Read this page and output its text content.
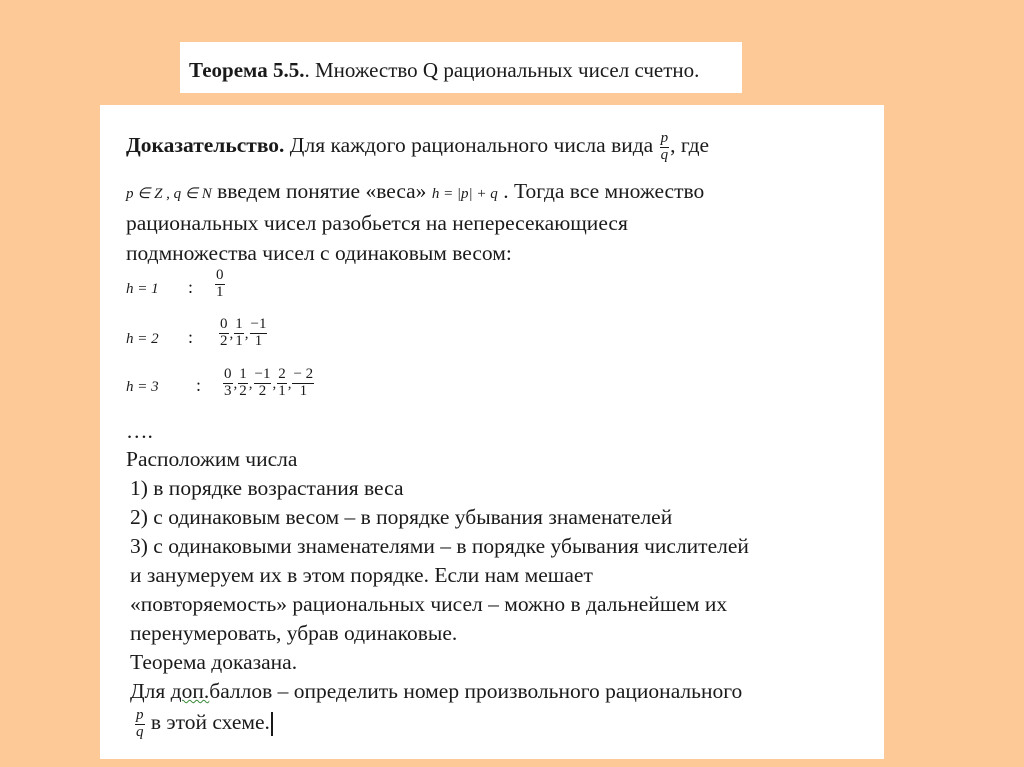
Теорема 5.5.. Множество Q рациональных чисел счетно.
Доказательство. Для каждого рационального числа вида $\frac{p}{q}$ , где
p ∈ Z , q ∈ N введем понятие «веса» h = |p| + q . Тогда все множество
рациональных чисел разобьется на непересекающиеся
подмножества чисел с одинаковым весом:
h = 1 : $\frac{0}{1}$
h = 2 : $\frac{0}{2}$ , $\frac{1}{1}$ , $\frac{-1}{1}$
h = 3 : $\frac{0}{3}$ , $\frac{1}{2}$ , $\frac{-1}{2}$ , $\frac{2}{1}$ , $\frac{- 2}{1}$
….
Расположим числа
1) в порядке возрастания веса
2) с одинаковым весом – в порядке убывания знаменателей
3) с одинаковыми знаменателями – в порядке убывания числителей
и занумеруем их в этом порядке. Если нам мешает
«повторяемость» рациональных чисел – можно в дальнейшем их
перенумеровать, убрав одинаковые.
Теорема доказана.
Для доп.баллов – определить номер произвольного рационального
$\frac{p}{q}$ в этой схеме.
